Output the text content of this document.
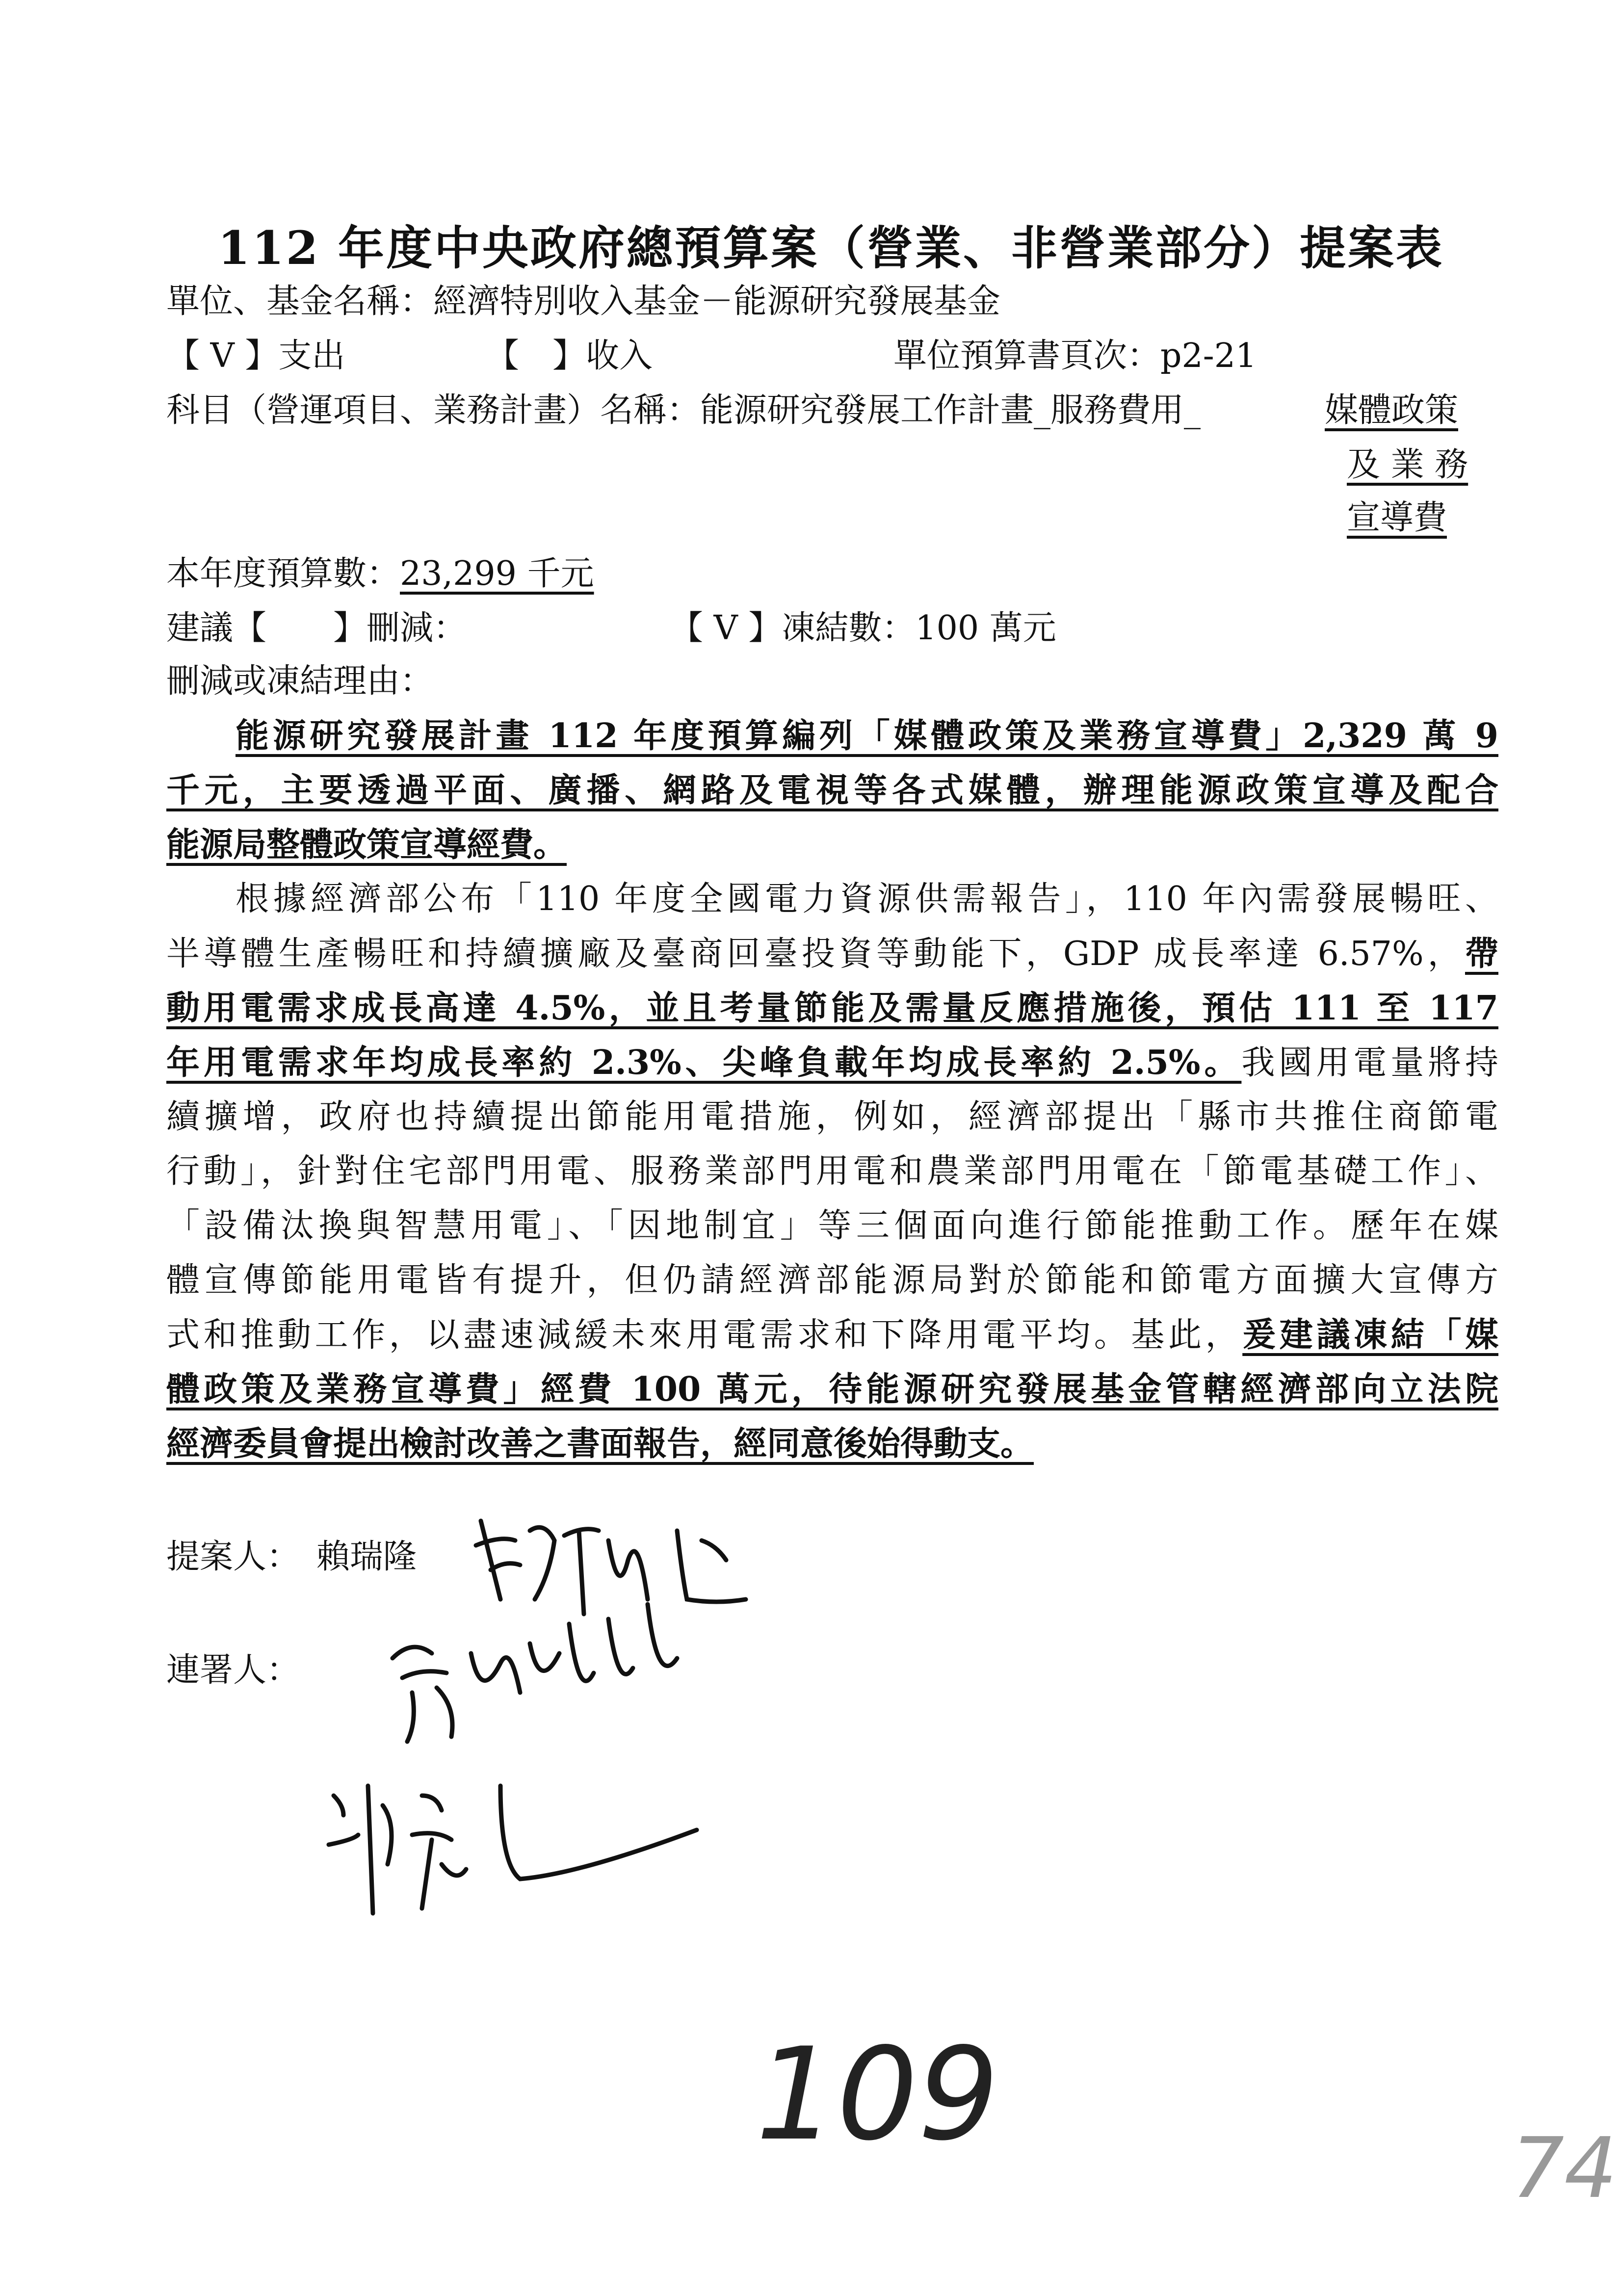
112 年度中央政府總預算案（營業、非營業部分）提案表
單位、基金名稱：經濟特別收入基金－能源研究發展基金
【 V 】支出	【　】收入	單位預算書頁次：p2-21
科目（營運項目、業務計畫）名稱：能源研究發展工作計畫_服務費用_	媒體政策
及 業 務
宣導費
本年度預算數：23,299 千元
建議【　　】刪減：	【 V 】凍結數：100 萬元
刪減或凍結理由：
能源研究發展計畫 112 年度預算編列「媒體政策及業務宣導費」2,329 萬 9
千元，主要透過平面、廣播、網路及電視等各式媒體，辦理能源政策宣導及配合
能源局整體政策宣導經費。
根據經濟部公布「110 年度全國電力資源供需報告」，110 年內需發展暢旺、
半導體生產暢旺和持續擴廠及臺商回臺投資等動能下，GDP 成長率達 6.57%，帶
動用電需求成長高達 4.5%，並且考量節能及需量反應措施後，預估 111 至 117
年用電需求年均成長率約 2.3%、尖峰負載年均成長率約 2.5%。我國用電量將持
續擴增，政府也持續提出節能用電措施，例如，經濟部提出「縣市共推住商節電
行動」，針對住宅部門用電、服務業部門用電和農業部門用電在「節電基礎工作」、
「設備汰換與智慧用電」、「因地制宜」等三個面向進行節能推動工作。歷年在媒
體宣傳節能用電皆有提升，但仍請經濟部能源局對於節能和節電方面擴大宣傳方
式和推動工作，以盡速減緩未來用電需求和下降用電平均。基此，爰建議凍結「媒
體政策及業務宣導費」經費 100 萬元，待能源研究發展基金管轄經濟部向立法院
經濟委員會提出檢討改善之書面報告，經同意後始得動支。
提案人： 賴瑞隆
連署人：
109	74
